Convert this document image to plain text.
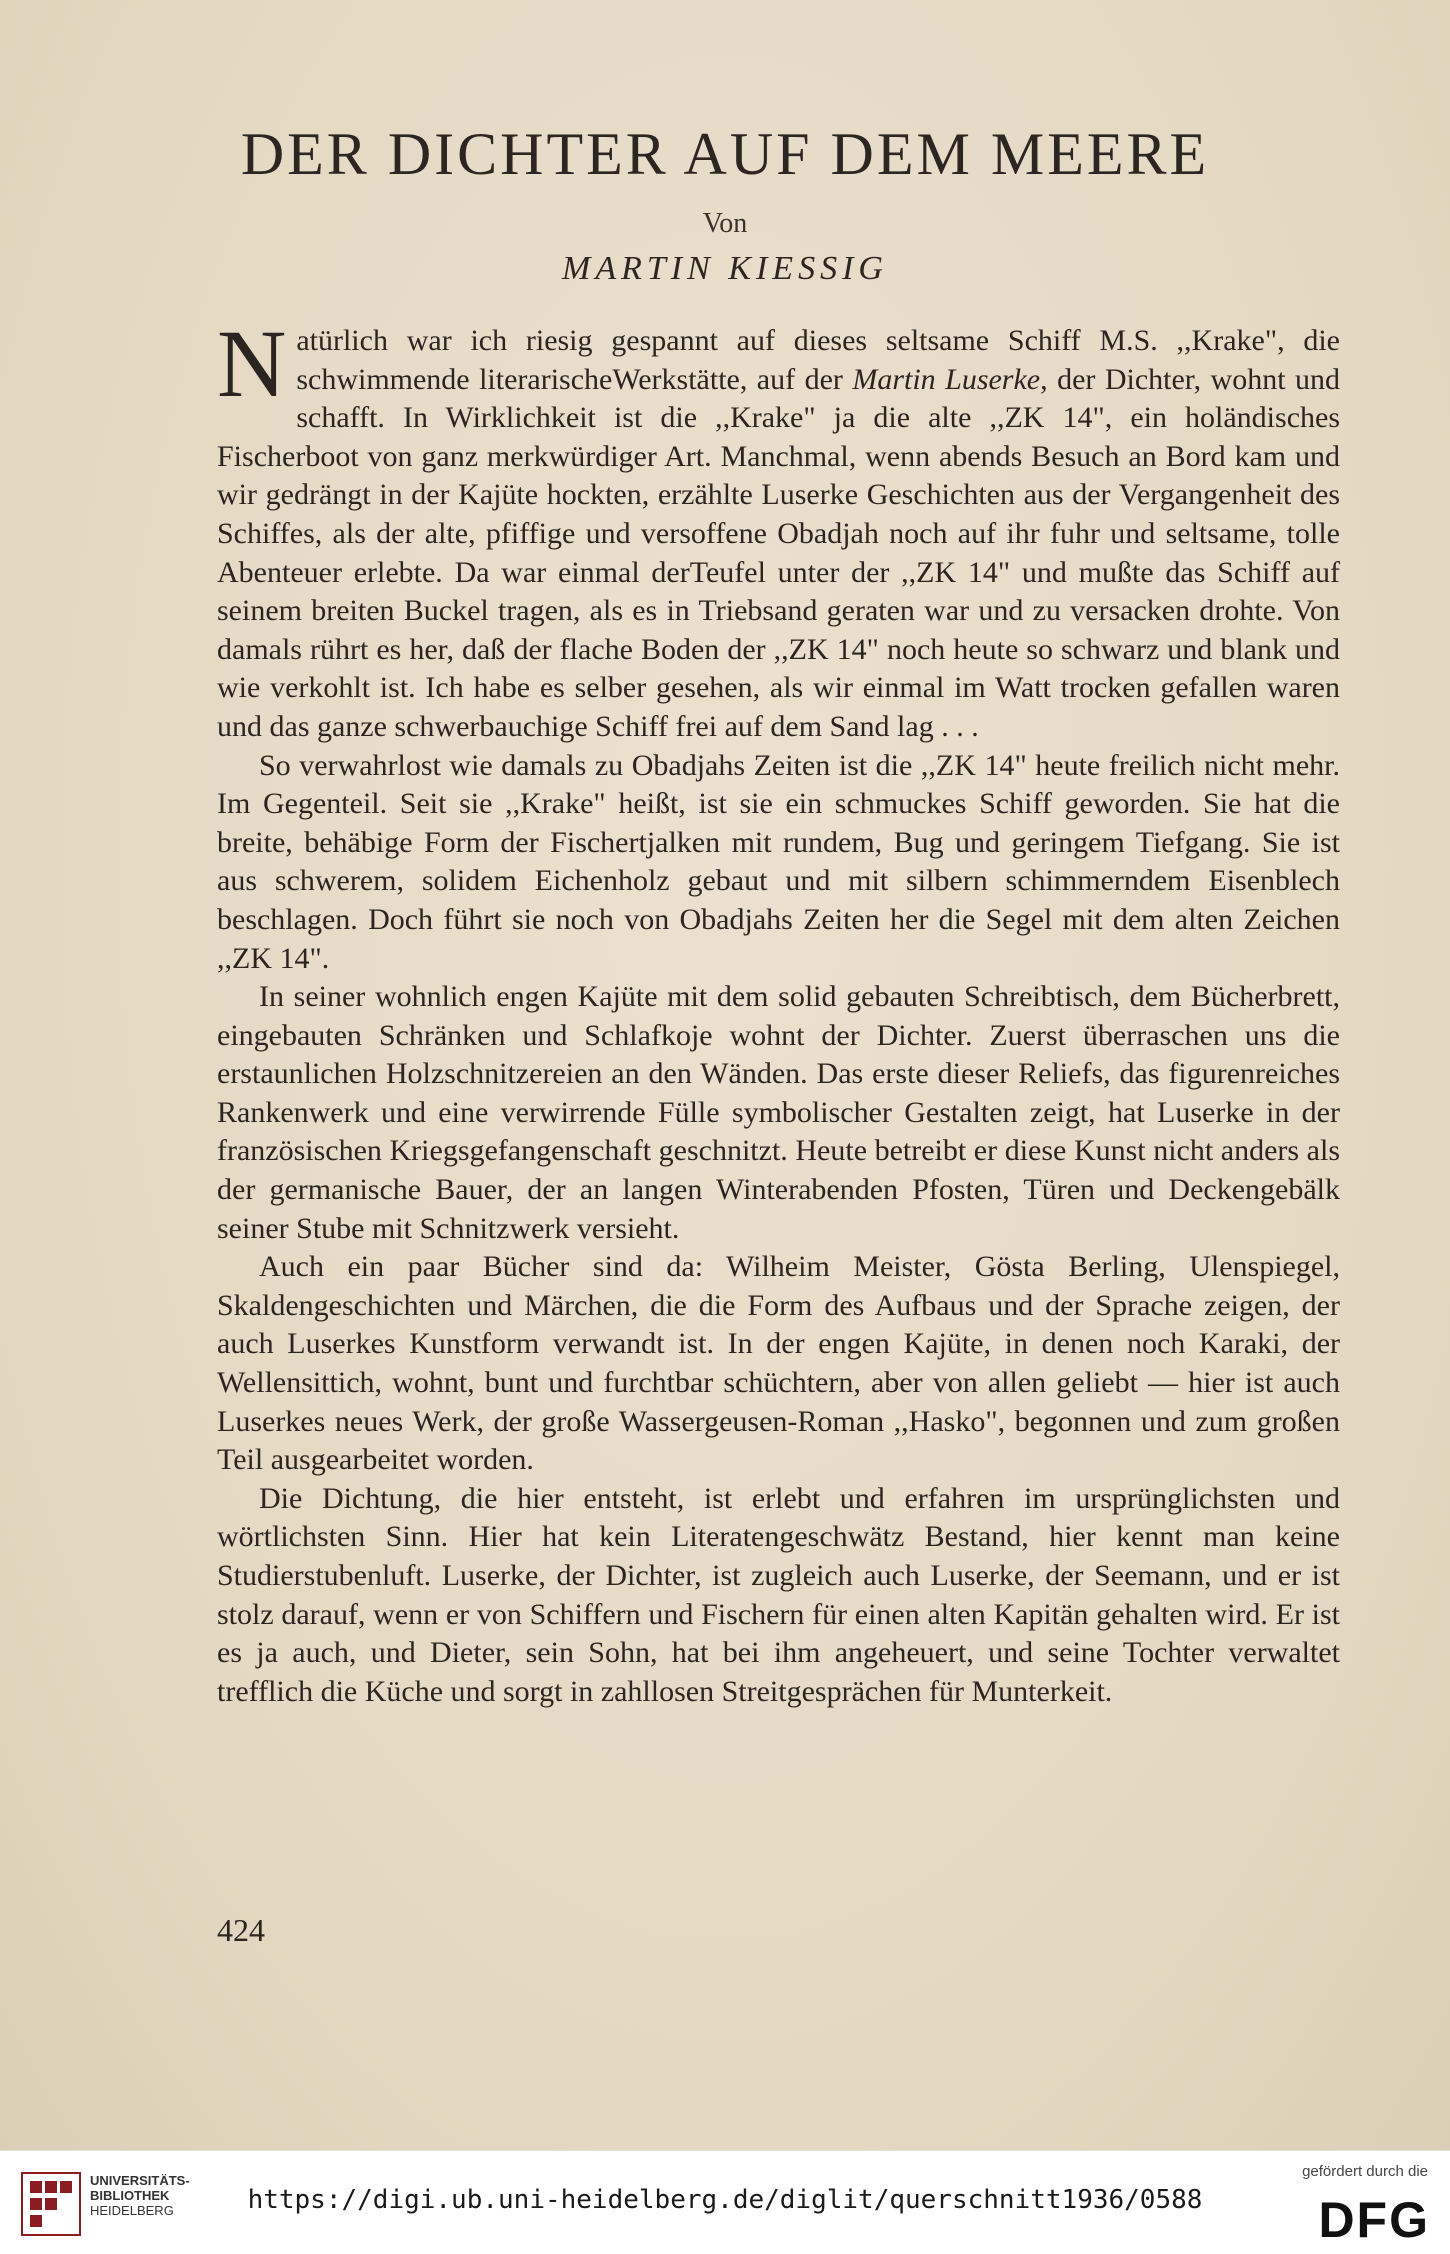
DER DICHTER AUF DEM MEERE
Von
MARTIN KIESSIG

Natürlich war ich riesig gespannt auf dieses seltsame Schiff M.S. ,,Krake", die schwimmende literarischeWerkstätte, auf der Martin Luserke, der Dichter, wohnt und schafft. In Wirklichkeit ist die ,,Krake" ja die alte ,,ZK 14", ein holändisches Fischerboot von ganz merkwürdiger Art. Manchmal, wenn abends Besuch an Bord kam und wir gedrängt in der Kajüte hockten, erzählte Luserke Geschichten aus der Vergangenheit des Schiffes, als der alte, pfiffige und versoffene Obadjah noch auf ihr fuhr und seltsame, tolle Abenteuer erlebte. Da war einmal derTeufel unter der ,,ZK 14" und mußte das Schiff auf seinem breiten Buckel tragen, als es in Triebsand geraten war und zu versacken drohte. Von damals rührt es her, daß der flache Boden der ,,ZK 14" noch heute so schwarz und blank und wie verkohlt ist. Ich habe es selber gesehen, als wir einmal im Watt trocken gefallen waren und das ganze schwerbauchige Schiff frei auf dem Sand lag . . .

So verwahrlost wie damals zu Obadjahs Zeiten ist die ,,ZK 14" heute freilich nicht mehr. Im Gegenteil. Seit sie ,,Krake" heißt, ist sie ein schmuckes Schiff geworden. Sie hat die breite, behäbige Form der Fischertjalken mit rundem, Bug und geringem Tiefgang. Sie ist aus schwerem, solidem Eichenholz gebaut und mit silbern schimmerndem Eisenblech beschlagen. Doch führt sie noch von Obadjahs Zeiten her die Segel mit dem alten Zeichen ,,ZK 14".

In seiner wohnlich engen Kajüte mit dem solid gebauten Schreibtisch, dem Bücherbrett, eingebauten Schränken und Schlafkoje wohnt der Dichter. Zuerst überraschen uns die erstaunlichen Holzschnitzereien an den Wänden. Das erste dieser Reliefs, das figurenreiches Rankenwerk und eine verwirrende Fülle symbolischer Gestalten zeigt, hat Luserke in der französischen Kriegsgefangenschaft geschnitzt. Heute betreibt er diese Kunst nicht anders als der germanische Bauer, der an langen Winterabenden Pfosten, Türen und Deckengebälk seiner Stube mit Schnitzwerk versieht.

Auch ein paar Bücher sind da: Wilheim Meister, Gösta Berling, Ulenspiegel, Skaldengeschichten und Märchen, die die Form des Aufbaus und der Sprache zeigen, der auch Luserkes Kunstform verwandt ist. In der engen Kajüte, in denen noch Karaki, der Wellensittich, wohnt, bunt und furchtbar schüchtern, aber von allen geliebt — hier ist auch Luserkes neues Werk, der große Wassergeusen-Roman ,,Hasko", begonnen und zum großen Teil ausgearbeitet worden.

Die Dichtung, die hier entsteht, ist erlebt und erfahren im ursprünglichsten und wörtlichsten Sinn. Hier hat kein Literatengeschwätz Bestand, hier kennt man keine Studierstubenluft. Luserke, der Dichter, ist zugleich auch Luserke, der Seemann, und er ist stolz darauf, wenn er von Schiffern und Fischern für einen alten Kapitän gehalten wird. Er ist es ja auch, und Dieter, sein Sohn, hat bei ihm angeheuert, und seine Tochter verwaltet trefflich die Küche und sorgt in zahllosen Streitgesprächen für Munterkeit.

424
UNIVERSITÄTS-
BIBLIOTHEK
HEIDELBERG	https://digi.ub.uni-heidelberg.de/diglit/querschnitt1936/0588
gefördert durch die
DFG
